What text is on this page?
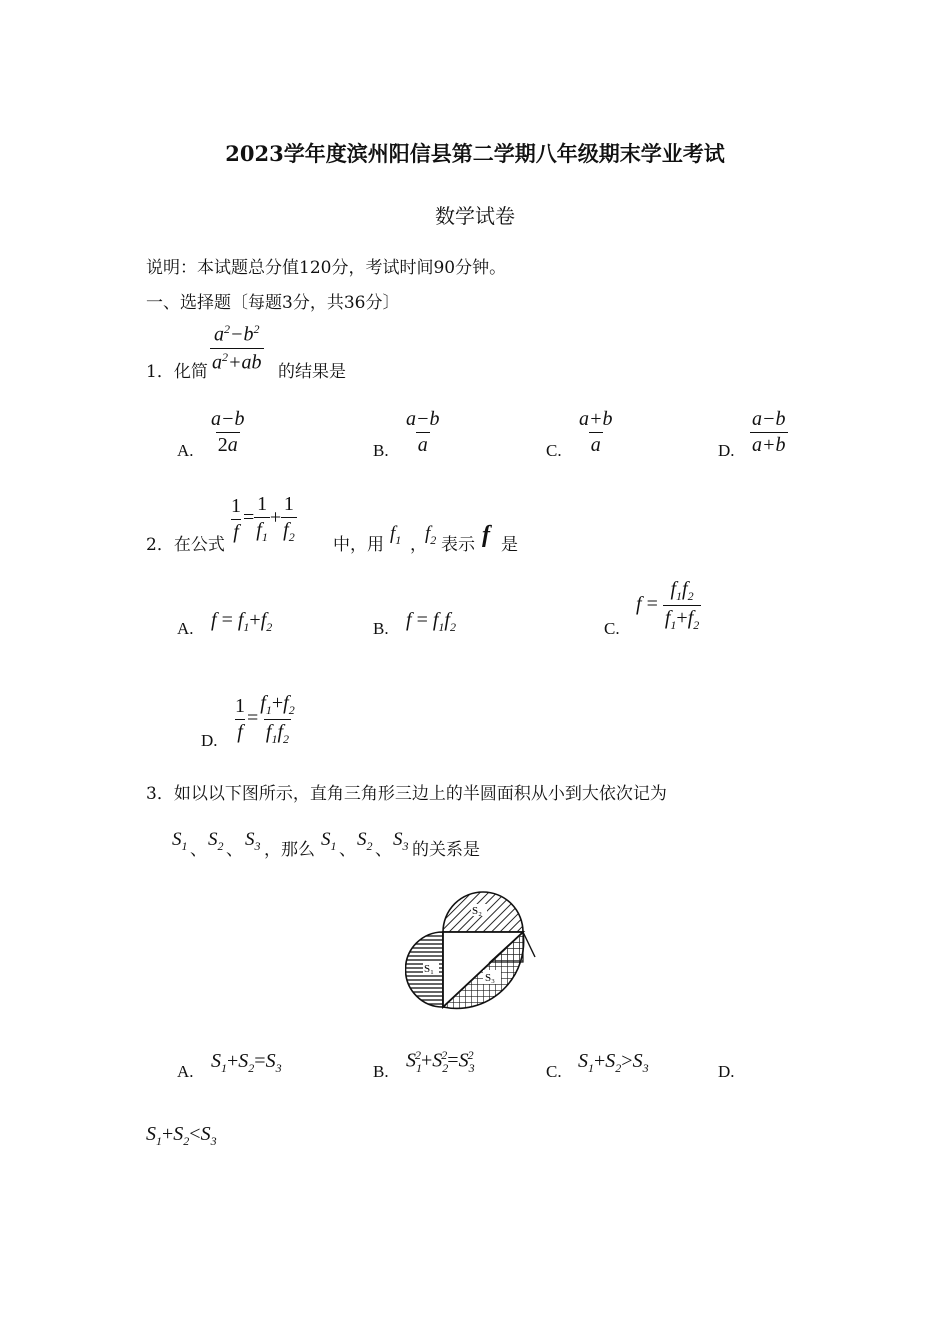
2023学年度滨州阳信县第二学期八年级期末学业考试
数学试卷
说明：本试题总分值120分，考试时间90分钟。
一、选择题〔每题3分，共36分〕
1．化简 $\frac{a^2-b^2}{a^2+ab}$ 的结果是
A. $\frac{a-b}{2a}$	B. $\frac{a-b}{a}$	C. $\frac{a+b}{a}$	D. $\frac{a-b}{a+b}$
2．在公式
$\frac{1}{f} = \frac{1}{f_1} + \frac{1}{f_2}$ 中，用
$f_1$ ，
$f_2$ 表示 f 是
A. $f = f_1+f_2$	B. $f = f_1f_2$	C.
$f = \frac{f_1f_2}{f_1+f_2}$
D. $\frac{1}{f} = \frac{f_1+f_2}{f_1f_2}$
3．如以以下图所示，直角三角形三边上的半圆面积从小到大依次记为
$S_1$ 、 $S_2$ 、 $S_3$ ，那么 $S_1$ 、 $S_2$ 、 $S_3$ 的关系是
S₁
S₂
S₃
A. $S_1+S_2=S_3$	B. $S_1^2+S_2^2=S_3^2$
C. $S_1+S_2>S_3$	D.
$S_1+S_2<S_3$
